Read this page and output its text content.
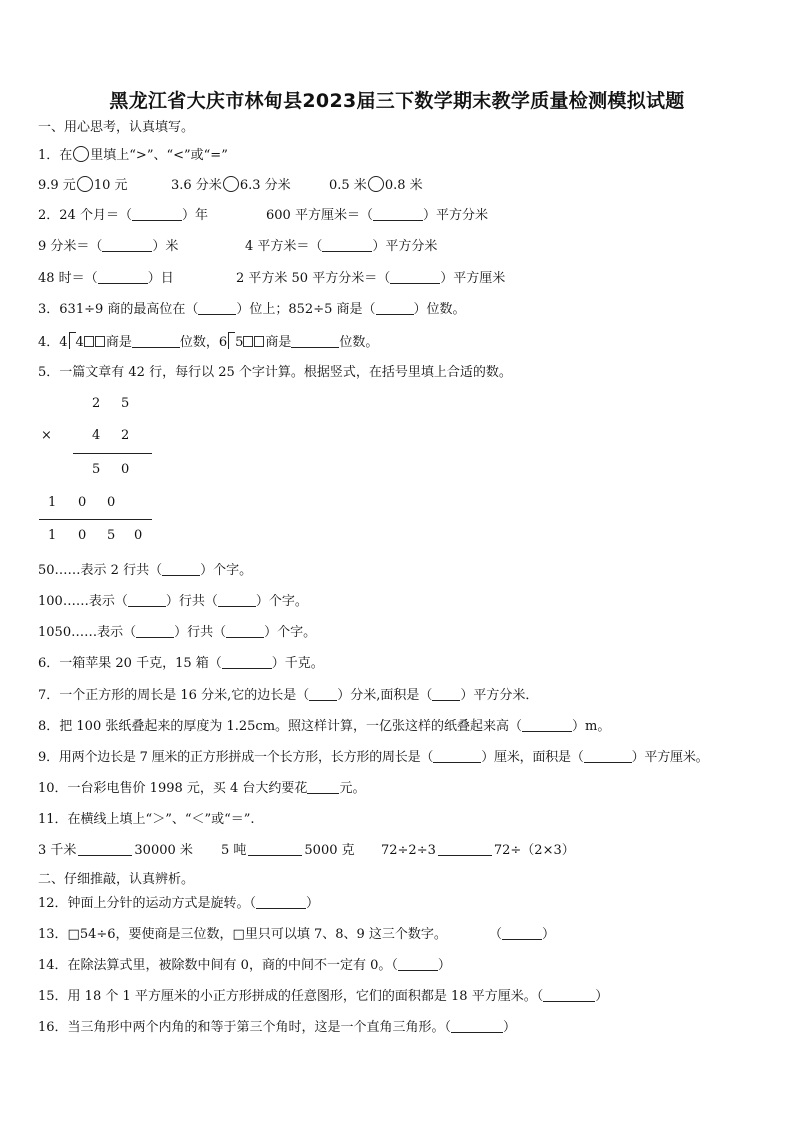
黑龙江省大庆市林甸县2023届三下数学期末教学质量检测模拟试题
一、用心思考，认真填写。
1．在 里填上“>”、“<”或“=”
9.9 元 10 元	3.6 分米 6.3 分米	0.5 米 0.8 米
2．24 个月＝（	）年	600 平方厘米＝（	）平方分米
9 分米＝（	）米	4 平方米＝（	）平方分米
48 时＝（	）日	2 平方米 50 平方分米＝（	）平方厘米
3．631÷9 商的最高位在（	）位上；852÷5 商是（	）位数。
4．4 4 商是	位数，6 5 商是	位数。
5．一篇文章有 42 行，每行以 25 个字计算。根据竖式，在括号里填上合适的数。
2 5
×	4 2
5 0
1 0 0
1 0 5 0
50……表示 2 行共（	）个字。
100……表示（	）行共（	）个字。
1050……表示（	）行共（	）个字。
6．一箱苹果 20 千克，15 箱（	）千克。
7．一个正方形的周长是 16 分米,它的边长是（ ）分米,面积是（ ）平方分米．
8．把 100 张纸叠起来的厚度为 1.25cm。照这样计算，一亿张这样的纸叠起来高（	）m。
9．用两个边长是 7 厘米的正方形拼成一个长方形，长方形的周长是（	）厘米，面积是（	）平方厘米。
10．一台彩电售价 1998 元，买 4 台大约要花 元。
11．在横线上填上“＞”、“＜”或“＝”.
3 千米	30000 米 5 吨	5000 克 72÷2÷3	72÷（2×3）
二、仔细推敲，认真辨析。
12．钟面上分针的运动方式是旋转。（	）
13．□54÷6，要使商是三位数，□里只可以填 7、8、9 这三个数字。	（	）
14．在除法算式里，被除数中间有 0，商的中间不一定有 0。（	）
15．用 18 个 1 平方厘米的小正方形拼成的任意图形，它们的面积都是 18 平方厘米。（	）
16．当三角形中两个内角的和等于第三个角时，这是一个直角三角形。（	）
